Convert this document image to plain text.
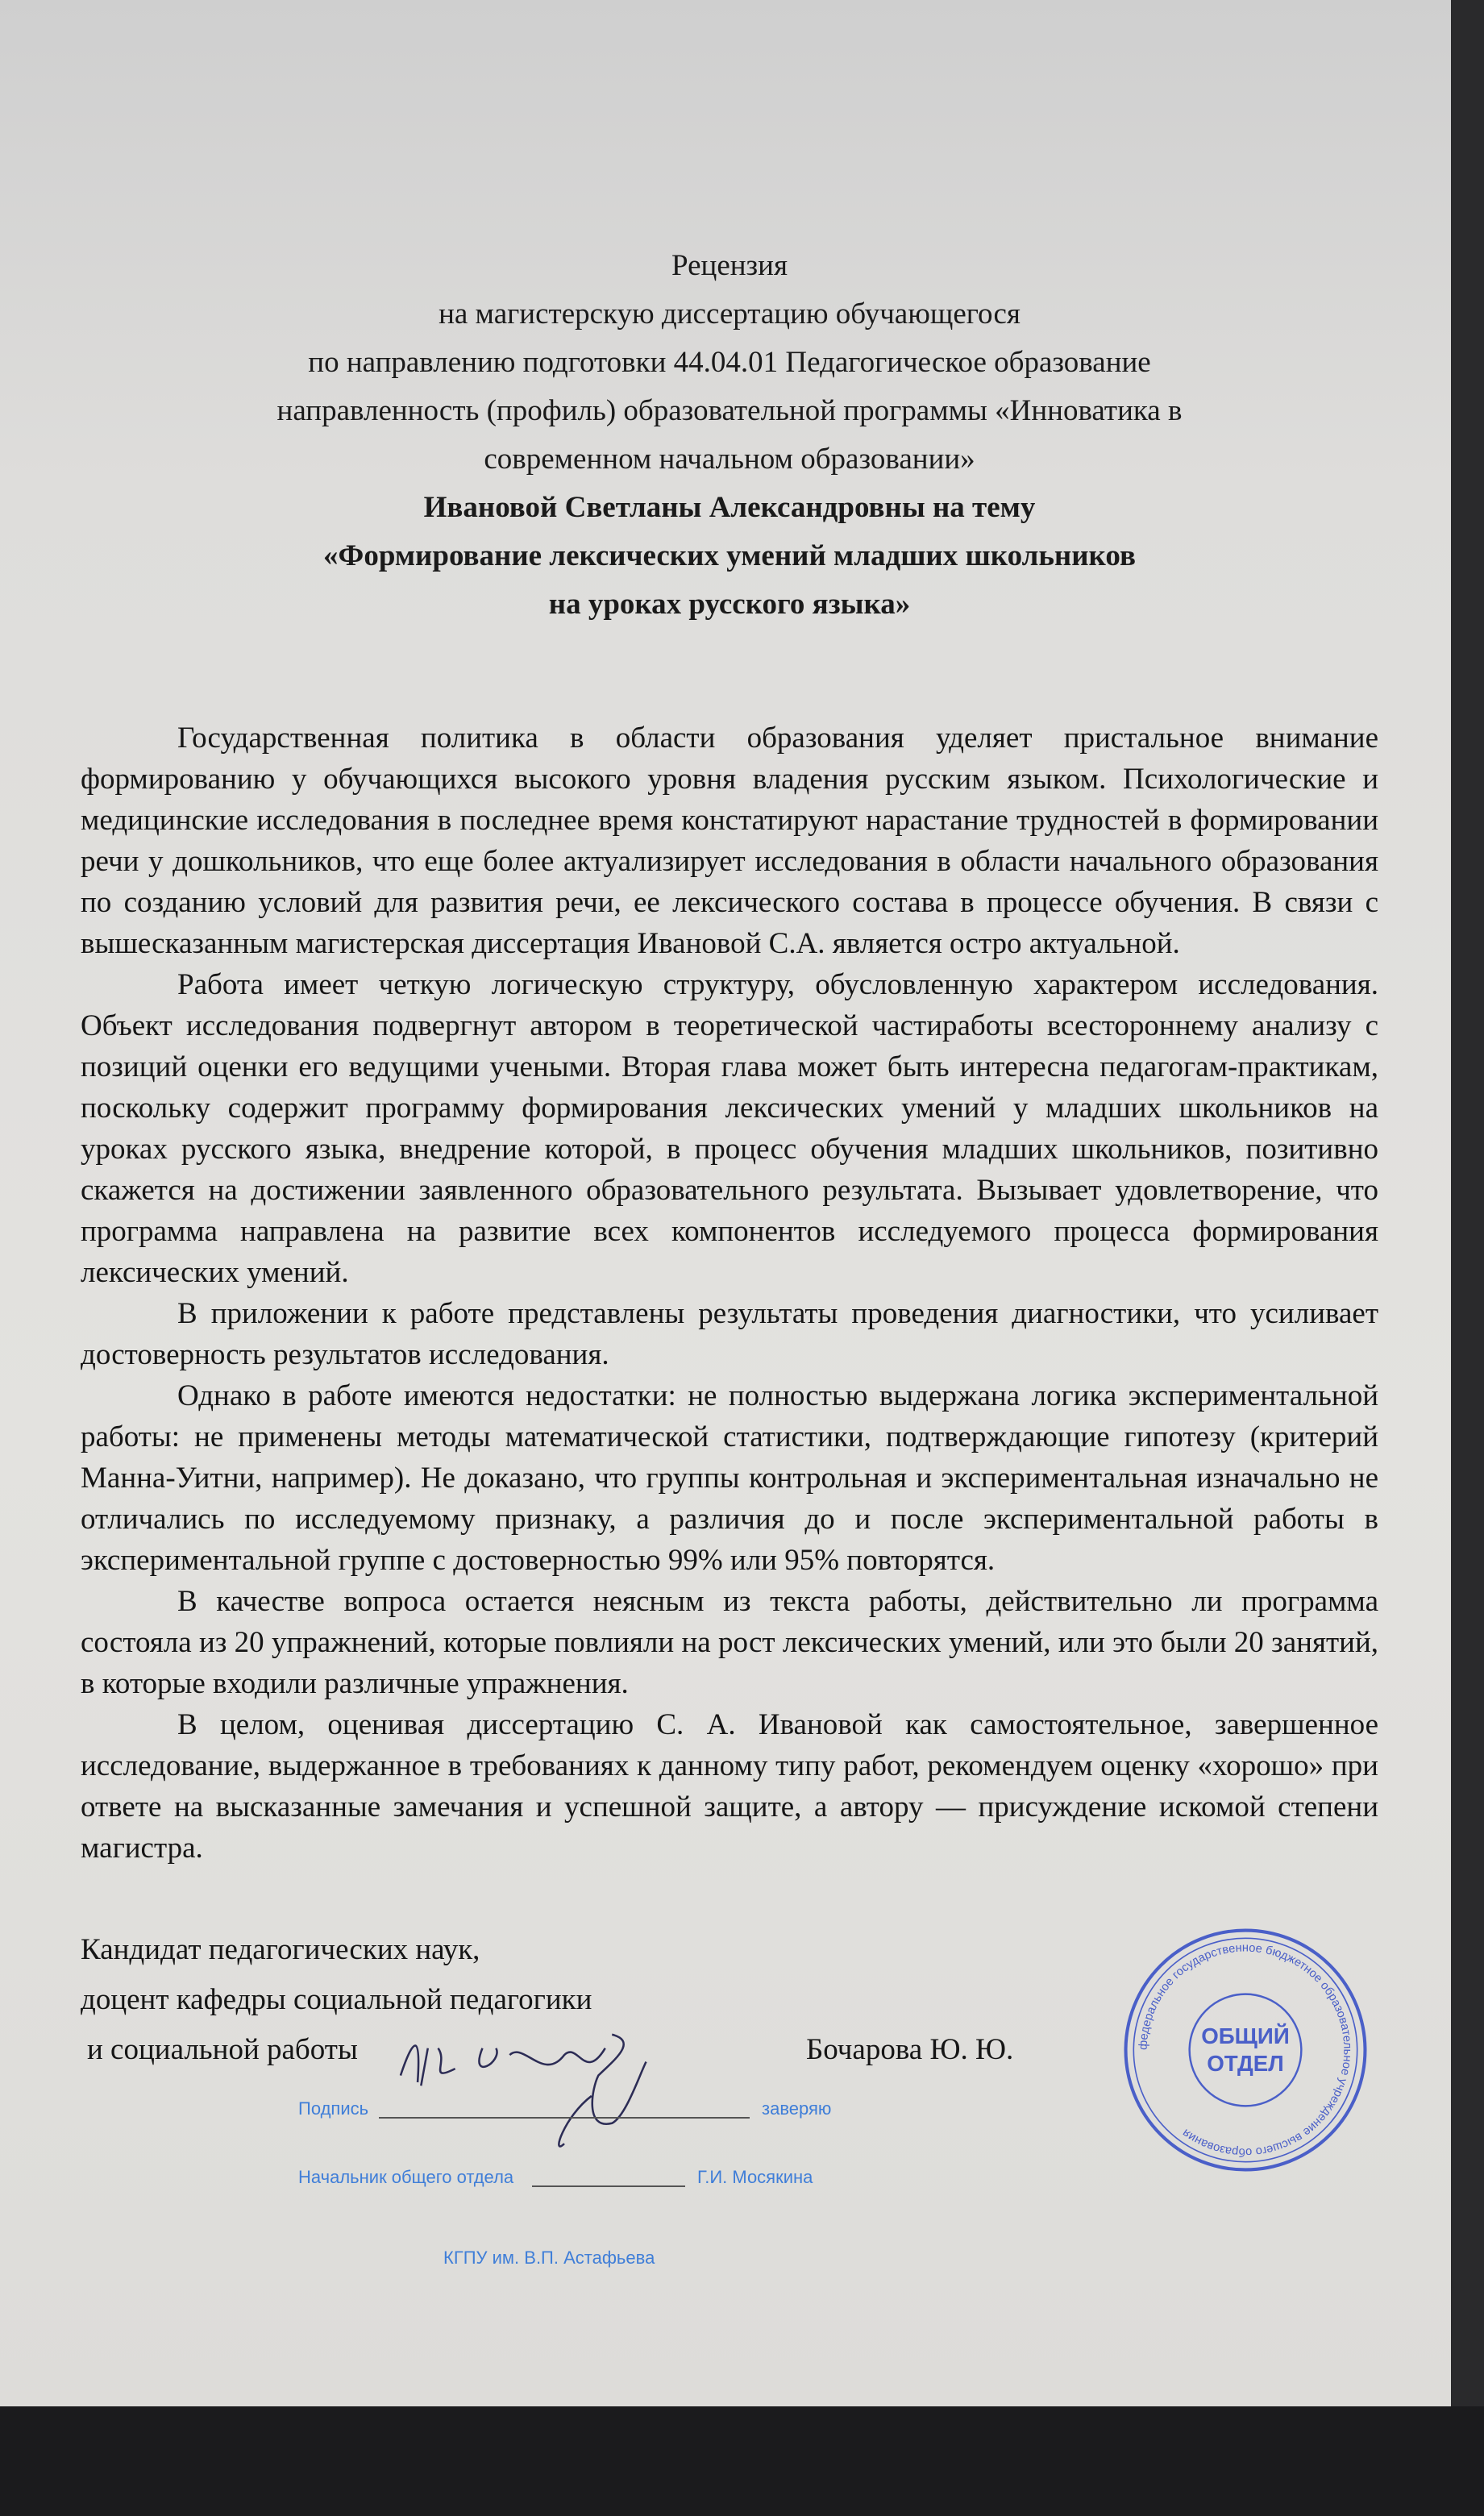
Рецензия
на магистерскую диссертацию обучающегося
по направлению подготовки 44.04.01 Педагогическое образование
направленность (профиль) образовательной программы «Инноватика в
современном начальном образовании»
Ивановой Светланы Александровны на тему
«Формирование лексических умений младших школьников
на уроках русского языка»

Государственная политика в области образования уделяет пристальное внимание формированию у обучающихся высокого уровня владения русским языком. Психологические и медицинские исследования в последнее время констатируют нарастание трудностей в формировании речи у дошкольников, что еще более актуализирует исследования в области начального образования по созданию условий для развития речи, ее лексического состава в процессе обучения. В связи с вышесказанным магистерская диссертация Ивановой С.А. является остро актуальной.

Работа имеет четкую логическую структуру, обусловленную характером исследования. Объект исследования подвергнут автором в теоретической частиработы всестороннему анализу с позиций оценки его ведущими учеными. Вторая глава может быть интересна педагогам-практикам, поскольку содержит программу формирования лексических умений у младших школьников на уроках русского языка, внедрение которой, в процесс обучения младших школьников, позитивно скажется на достижении заявленного образовательного результата. Вызывает удовлетворение, что программа направлена на развитие всех компонентов исследуемого процесса формирования лексических умений.

В приложении к работе представлены результаты проведения диагностики, что усиливает достоверность результатов исследования.

Однако в работе имеются недостатки: не полностью выдержана логика экспериментальной работы: не применены методы математической статистики, подтверждающие гипотезу (критерий Манна-Уитни, например). Не доказано, что группы контрольная и экспериментальная изначально не отличались по исследуемому признаку, а различия до и после экспериментальной работы в экспериментальной группе с достоверностью 99% или 95% повторятся.

В качестве вопроса остается неясным из текста работы, действительно ли программа состояла из 20 упражнений, которые повлияли на рост лексических умений, или это были 20 занятий, в которые входили различные упражнения.

В целом, оценивая диссертацию С. А. Ивановой как самостоятельное, завершенное исследование, выдержанное в требованиях к данному типу работ, рекомендуем оценку «хорошо» при ответе на высказанные замечания и успешной защите, а автору — присуждение искомой степени магистра.

Кандидат педагогических наук,
доцент кафедры социальной педагогики
и социальной работы	Бочарова Ю. Ю.
Подпись	заверяю
Начальник общего отдела	Г.И. Мосякина
КГПУ им. В.П. Астафьева
федеральное государственное бюджетное образовательное учреждение высшего образования
ОБЩИЙ
ОТДЕЛ
